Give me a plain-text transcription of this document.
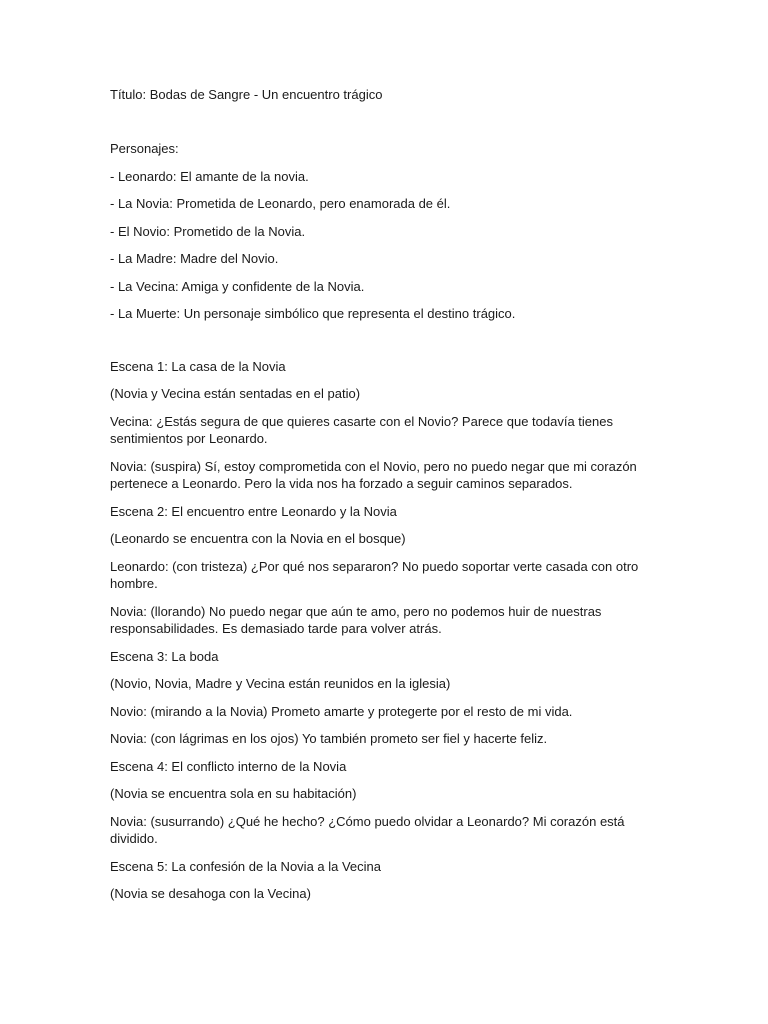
Título: Bodas de Sangre - Un encuentro trágico

Personajes:

- Leonardo: El amante de la novia.
- La Novia: Prometida de Leonardo, pero enamorada de él.
- El Novio: Prometido de la Novia.
- La Madre: Madre del Novio.
- La Vecina: Amiga y confidente de la Novia.
- La Muerte: Un personaje simbólico que representa el destino trágico.

Escena 1: La casa de la Novia

(Novia y Vecina están sentadas en el patio)

Vecina: ¿Estás segura de que quieres casarte con el Novio? Parece que todavía tienes sentimientos por Leonardo.

Novia: (suspira) Sí, estoy comprometida con el Novio, pero no puedo negar que mi corazón pertenece a Leonardo. Pero la vida nos ha forzado a seguir caminos separados.

Escena 2: El encuentro entre Leonardo y la Novia

(Leonardo se encuentra con la Novia en el bosque)

Leonardo: (con tristeza) ¿Por qué nos separaron? No puedo soportar verte casada con otro hombre.

Novia: (llorando) No puedo negar que aún te amo, pero no podemos huir de nuestras responsabilidades. Es demasiado tarde para volver atrás.

Escena 3: La boda

(Novio, Novia, Madre y Vecina están reunidos en la iglesia)

Novio: (mirando a la Novia) Prometo amarte y protegerte por el resto de mi vida.

Novia: (con lágrimas en los ojos) Yo también prometo ser fiel y hacerte feliz.

Escena 4: El conflicto interno de la Novia

(Novia se encuentra sola en su habitación)

Novia: (susurrando) ¿Qué he hecho? ¿Cómo puedo olvidar a Leonardo? Mi corazón está dividido.

Escena 5: La confesión de la Novia a la Vecina

(Novia se desahoga con la Vecina)
